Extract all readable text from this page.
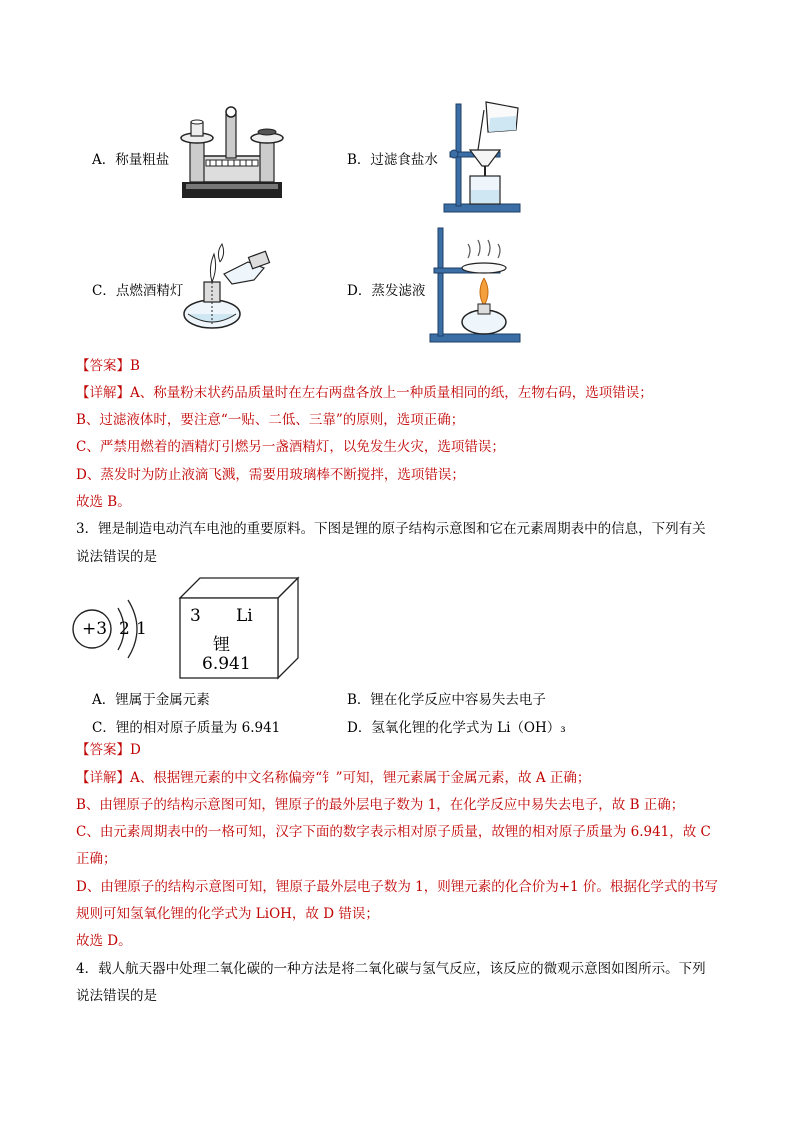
A．称量粗盐	B．过滤食盐水
C．点燃酒精灯	D．蒸发滤液
【答案】B
【详解】A、称量粉末状药品质量时在左右两盘各放上一种质量相同的纸，左物右码，选项错误；
B、过滤液体时，要注意“一贴、二低、三靠”的原则，选项正确；
C、严禁用燃着的酒精灯引燃另一盏酒精灯，以免发生火灾，选项错误；
D、蒸发时为防止液滴飞溅，需要用玻璃棒不断搅拌，选项错误；
故选 B。
3．锂是制造电动汽车电池的重要原料。下图是锂的原子结构示意图和它在元素周期表中的信息，下列有关
说法错误的是
+3 2 1
3 Li
锂
6.941
A．锂属于金属元素	B．锂在化学反应中容易失去电子
C．锂的相对原子质量为 6.941	D．氢氧化锂的化学式为 Li（OH）₃
【答案】D
【详解】A、根据锂元素的中文名称偏旁“钅”可知，锂元素属于金属元素，故 A 正确；
B、由锂原子的结构示意图可知，锂原子的最外层电子数为 1，在化学反应中易失去电子，故 B 正确；
C、由元素周期表中的一格可知，汉字下面的数字表示相对原子质量，故锂的相对原子质量为 6.941，故 C
正确；
D、由锂原子的结构示意图可知，锂原子最外层电子数为 1，则锂元素的化合价为+1 价。根据化学式的书写
规则可知氢氧化锂的化学式为 LiOH，故 D 错误；
故选 D。
4．载人航天器中处理二氧化碳的一种方法是将二氧化碳与氢气反应，该反应的微观示意图如图所示。下列
说法错误的是
